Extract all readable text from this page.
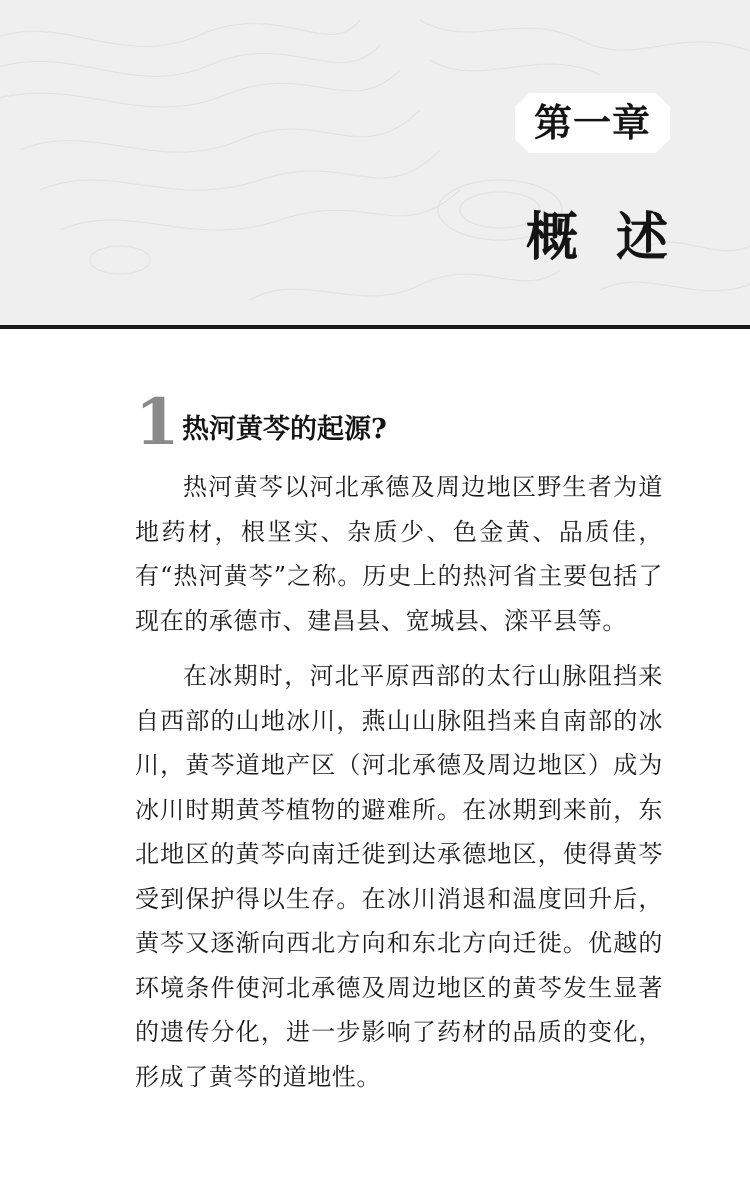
第一章
概述
1 热河黄芩的起源?

热河黄芩以河北承德及周边地区野生者为道地药材，根坚实、杂质少、色金黄、品质佳，有“热河黄芩”之称。历史上的热河省主要包括了现在的承德市、建昌县、宽城县、滦平县等。

在冰期时，河北平原西部的太行山脉阻挡来自西部的山地冰川，燕山山脉阻挡来自南部的冰川，黄芩道地产区（河北承德及周边地区）成为冰川时期黄芩植物的避难所。在冰期到来前，东北地区的黄芩向南迁徙到达承德地区，使得黄芩受到保护得以生存。在冰川消退和温度回升后，黄芩又逐渐向西北方向和东北方向迁徙。优越的环境条件使河北承德及周边地区的黄芩发生显著的遗传分化，进一步影响了药材的品质的变化，形成了黄芩的道地性。
